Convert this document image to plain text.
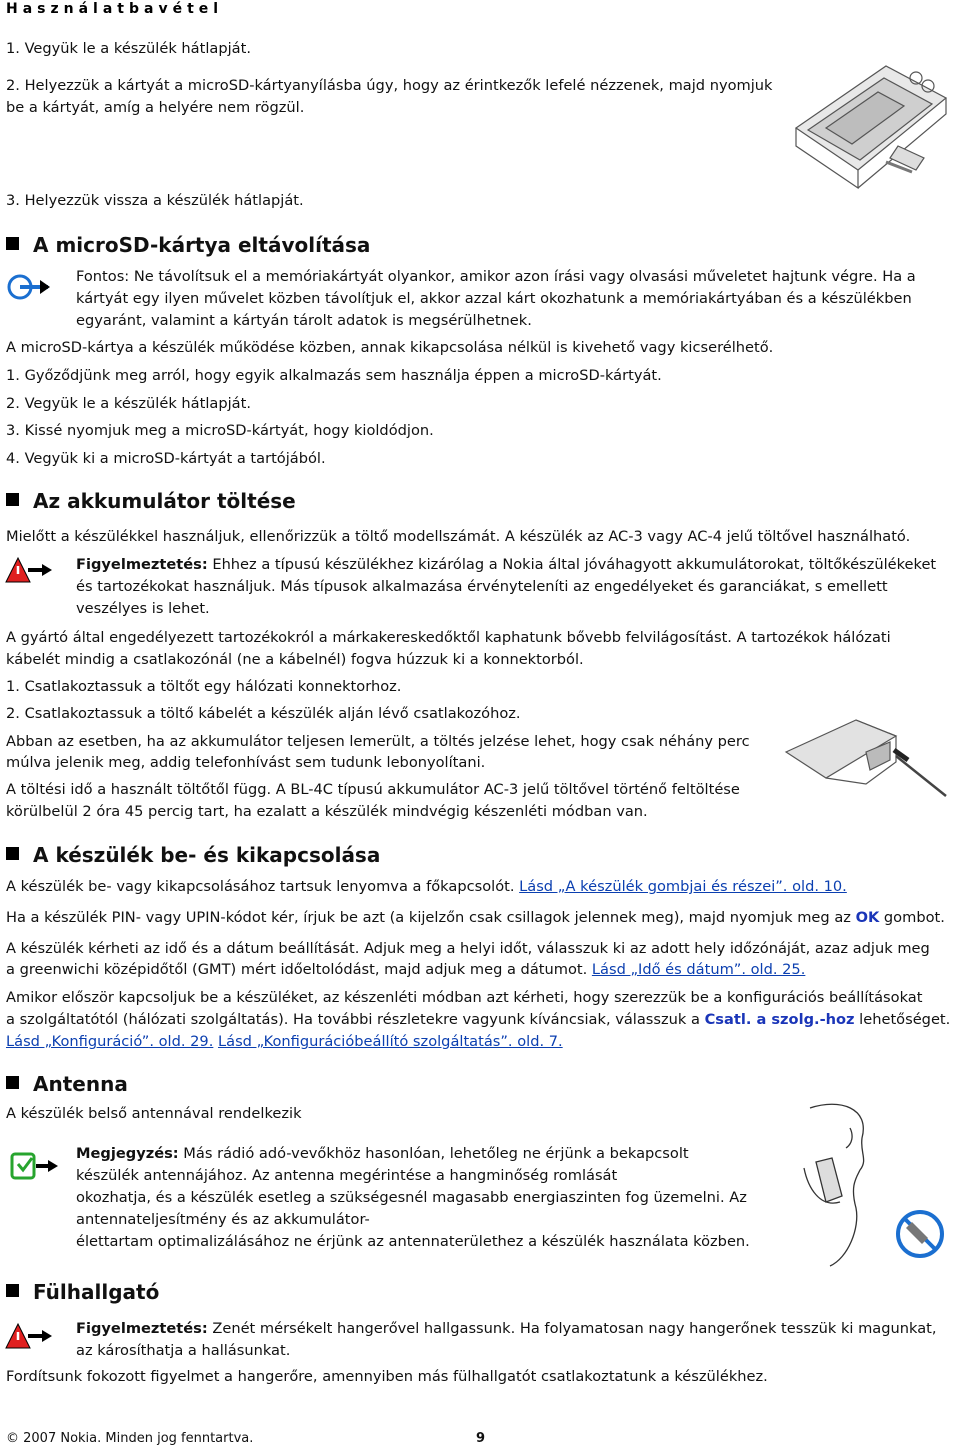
Használatbavétel
1. Vegyük le a készülék hátlapját.
2. Helyezzük a kártyát a microSD-kártyanyílásba úgy, hogy az érintkezők lefelé nézzenek, majd nyomjuk
be a kártyát, amíg a helyére nem rögzül.
3. Helyezzük vissza a készülék hátlapját.
A microSD-kártya eltávolítása
Fontos: Ne távolítsuk el a memóriakártyát olyankor, amikor azon írási vagy olvasási műveletet hajtunk végre. Ha a
kártyát egy ilyen művelet közben távolítjuk el, akkor azzal kárt okozhatunk a memóriakártyában és a készülékben
egyaránt, valamint a kártyán tárolt adatok is megsérülhetnek.
A microSD-kártya a készülék működése közben, annak kikapcsolása nélkül is kivehető vagy kicserélhető.
1. Győződjünk meg arról, hogy egyik alkalmazás sem használja éppen a microSD-kártyát.
2. Vegyük le a készülék hátlapját.
3. Kissé nyomjuk meg a microSD-kártyát, hogy kioldódjon.
4. Vegyük ki a microSD-kártyát a tartójából.
Az akkumulátor töltése
Mielőtt a készülékkel használjuk, ellenőrizzük a töltő modellszámát. A készülék az AC-3 vagy AC-4 jelű töltővel használható.
Figyelmeztetés: Ehhez a típusú készülékhez kizárólag a Nokia által jóváhagyott akkumulátorokat, töltőkészülékeket
és tartozékokat használjuk. Más típusok alkalmazása érvényteleníti az engedélyeket és garanciákat, s emellett
veszélyes is lehet.
A gyártó által engedélyezett tartozékokról a márkakereskedőktől kaphatunk bővebb felvilágosítást. A tartozékok hálózati
kábelét mindig a csatlakozónál (ne a kábelnél) fogva húzzuk ki a konnektorból.
1. Csatlakoztassuk a töltőt egy hálózati konnektorhoz.
2. Csatlakoztassuk a töltő kábelét a készülék alján lévő csatlakozóhoz.
Abban az esetben, ha az akkumulátor teljesen lemerült, a töltés jelzése lehet, hogy csak néhány perc
múlva jelenik meg, addig telefonhívást sem tudunk lebonyolítani.
A töltési idő a használt töltőtől függ. A BL-4C típusú akkumulátor AC-3 jelű töltővel történő feltöltése
körülbelül 2 óra 45 percig tart, ha ezalatt a készülék mindvégig készenléti módban van.
A készülék be- és kikapcsolása
A készülék be- vagy kikapcsolásához tartsuk lenyomva a főkapcsolót. Lásd „A készülék gombjai és részei”. old. 10.
Ha a készülék PIN- vagy UPIN-kódot kér, írjuk be azt (a kijelzőn csak csillagok jelennek meg), majd nyomjuk meg az OK gombot.
A készülék kérheti az idő és a dátum beállítását. Adjuk meg a helyi időt, válasszuk ki az adott hely időzónáját, azaz adjuk meg
a greenwichi középidőtől (GMT) mért időeltolódást, majd adjuk meg a dátumot. Lásd „Idő és dátum”. old. 25.
Amikor először kapcsoljuk be a készüléket, az készenléti módban azt kérheti, hogy szerezzük be a konfigurációs beállításokat
a szolgáltatótól (hálózati szolgáltatás). Ha további részletekre vagyunk kíváncsiak, válasszuk a Csatl. a szolg.-hoz lehetőséget.
Lásd „Konfiguráció”. old. 29. Lásd „Konfigurációbeállító szolgáltatás”. old. 7.
Antenna
A készülék belső antennával rendelkezik
Megjegyzés: Más rádió adó-vevőkhöz hasonlóan, lehetőleg ne érjünk a bekapcsolt
készülék antennájához. Az antenna megérintése a hangminőség romlását
okozhatja, és a készülék esetleg a szükségesnél magasabb energiaszinten fog üzemelni. Az
antennateljesítmény és az akkumulátor-
élettartam optimalizálásához ne érjünk az antennaterülethez a készülék használata közben.
Fülhallgató
Figyelmeztetés: Zenét mérsékelt hangerővel hallgassunk. Ha folyamatosan nagy hangerőnek tesszük ki magunkat,
az károsíthatja a hallásunkat.
Fordítsunk fokozott figyelmet a hangerőre, amennyiben más fülhallgatót csatlakoztatunk a készülékhez.
© 2007 Nokia. Minden jog fenntartva.	9
